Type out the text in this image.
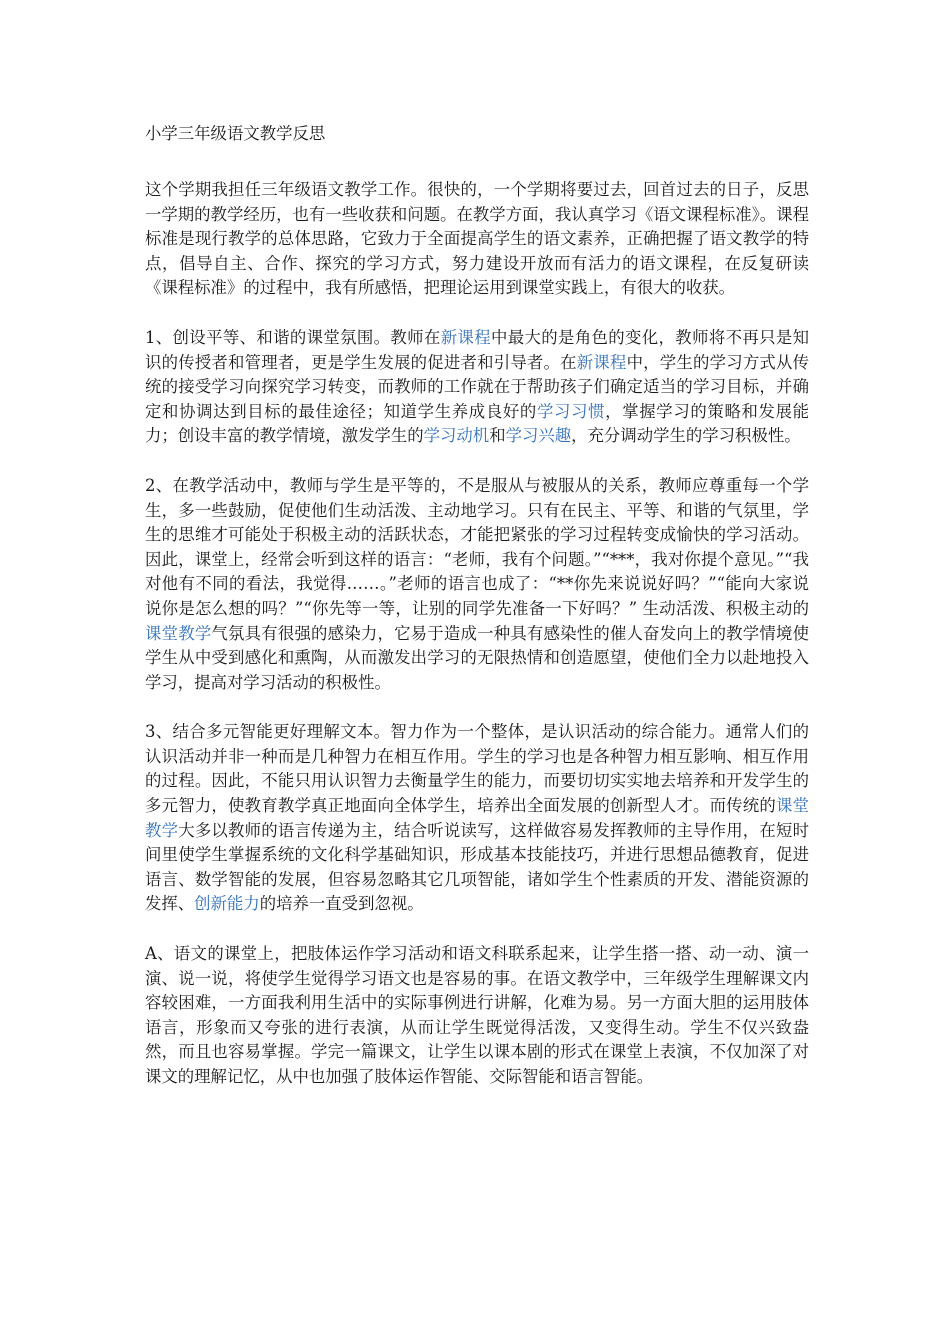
小学三年级语文教学反思

这个学期我担任三年级语文教学工作。很快的，一个学期将要过去，回首过去的日子，反思一学期的教学经历，也有一些收获和问题。在教学方面，我认真学习《语文课程标准》。课程标准是现行教学的总体思路，它致力于全面提高学生的语文素养，正确把握了语文教学的特点，倡导自主、合作、探究的学习方式，努力建设开放而有活力的语文课程，在反复研读《课程标准》的过程中，我有所感悟，把理论运用到课堂实践上，有很大的收获。

1、创设平等、和谐的课堂氛围。教师在新课程中最大的是角色的变化，教师将不再只是知识的传授者和管理者，更是学生发展的促进者和引导者。在新课程中，学生的学习方式从传统的接受学习向探究学习转变，而教师的工作就在于帮助孩子们确定适当的学习目标，并确定和协调达到目标的最佳途径；知道学生养成良好的学习习惯，掌握学习的策略和发展能力；创设丰富的教学情境，激发学生的学习动机和学习兴趣，充分调动学生的学习积极性。

2、在教学活动中，教师与学生是平等的，不是服从与被服从的关系，教师应尊重每一个学生，多一些鼓励，促使他们生动活泼、主动地学习。只有在民主、平等、和谐的气氛里，学生的思维才可能处于积极主动的活跃状态，才能把紧张的学习过程转变成愉快的学习活动。因此，课堂上，经常会听到这样的语言：“老师，我有个问题。”“***，我对你提个意见。”“我对他有不同的看法，我觉得……。”老师的语言也成了：“**你先来说说好吗？”“能向大家说说你是怎么想的吗？”“你先等一等，让别的同学先准备一下好吗？” 生动活泼、积极主动的课堂教学气氛具有很强的感染力，它易于造成一种具有感染性的催人奋发向上的教学情境使学生从中受到感化和熏陶，从而激发出学习的无限热情和创造愿望，使他们全力以赴地投入学习，提高对学习活动的积极性。

3、结合多元智能更好理解文本。智力作为一个整体，是认识活动的综合能力。通常人们的认识活动并非一种而是几种智力在相互作用。学生的学习也是各种智力相互影响、相互作用的过程。因此，不能只用认识智力去衡量学生的能力，而要切切实实地去培养和开发学生的多元智力，使教育教学真正地面向全体学生，培养出全面发展的创新型人才。而传统的课堂教学大多以教师的语言传递为主，结合听说读写，这样做容易发挥教师的主导作用，在短时间里使学生掌握系统的文化科学基础知识，形成基本技能技巧，并进行思想品德教育，促进语言、数学智能的发展，但容易忽略其它几项智能，诸如学生个性素质的开发、潜能资源的发挥、创新能力的培养一直受到忽视。

A、语文的课堂上，把肢体运作学习活动和语文科联系起来，让学生搭一搭、动一动、演一演、说一说，将使学生觉得学习语文也是容易的事。在语文教学中，三年级学生理解课文内容较困难，一方面我利用生活中的实际事例进行讲解，化难为易。另一方面大胆的运用肢体语言，形象而又夸张的进行表演，从而让学生既觉得活泼，又变得生动。学生不仅兴致盎然，而且也容易掌握。学完一篇课文，让学生以课本剧的形式在课堂上表演，不仅加深了对课文的理解记忆，从中也加强了肢体运作智能、交际智能和语言智能。
